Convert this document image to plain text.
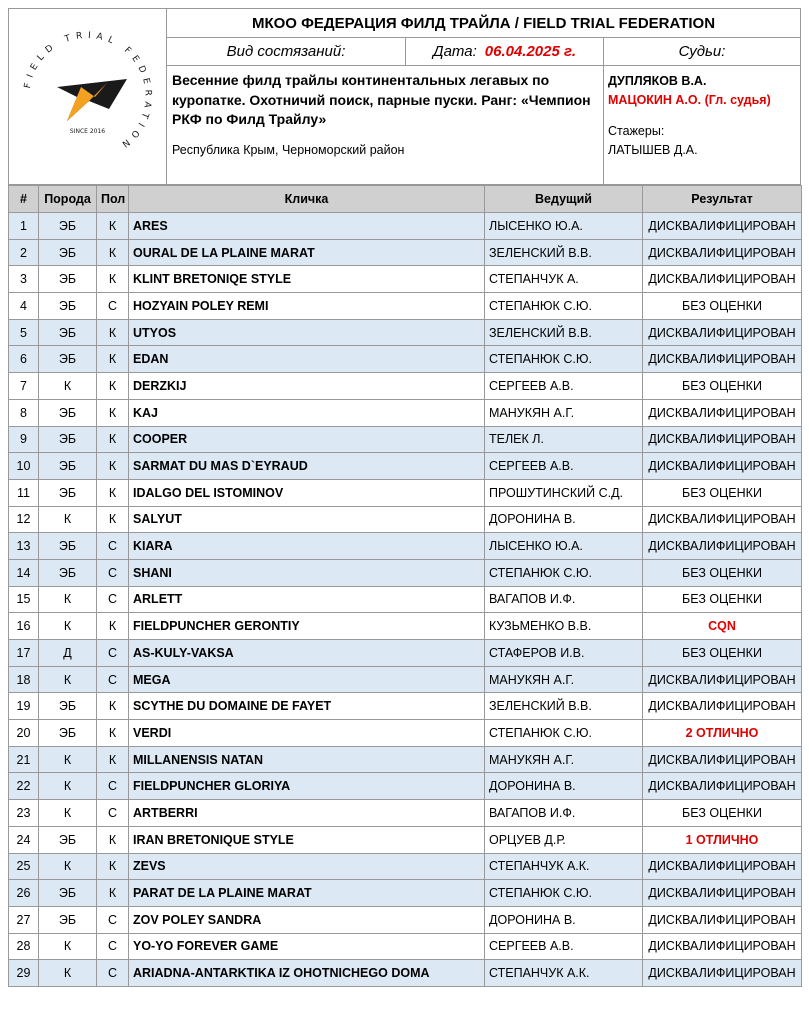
FIELD TRIAL FEDERATION
SINCE 2016
МКОО ФЕДЕРАЦИЯ ФИЛД ТРАЙЛА / FIELD TRIAL FEDERATION
Вид состязаний:	Дата: 06.04.2025 г.	Судьи:
Весенние филд трайлы континентальных легавых по куропатке. Охотничий поиск, парные пуски. Ранг: «Чемпион РКФ по Филд Трайлу»
Республика Крым, Черноморский район
ДУПЛЯКОВ В.А.
МАЦОКИН А.О. (Гл. судья)
Стажеры:
ЛАТЫШЕВ Д.А.
#	Порода	Пол	Кличка	Ведущий	Результат
1	ЭБ	К	ARES	ЛЫСЕНКО Ю.А.	ДИСКВАЛИФИЦИРОВАН
2	ЭБ	К	OURAL DE LA PLAINE MARAT	ЗЕЛЕНСКИЙ В.В.	ДИСКВАЛИФИЦИРОВАН
3	ЭБ	К	KLINT BRETONIQE STYLE	СТЕПАНЧУК А.	ДИСКВАЛИФИЦИРОВАН
4	ЭБ	С	HOZYAIN POLEY REMI	СТЕПАНЮК С.Ю.	БЕЗ ОЦЕНКИ
5	ЭБ	К	UTYOS	ЗЕЛЕНСКИЙ В.В.	ДИСКВАЛИФИЦИРОВАН
6	ЭБ	К	EDAN	СТЕПАНЮК С.Ю.	ДИСКВАЛИФИЦИРОВАН
7	К	К	DERZKIJ	СЕРГЕЕВ А.В.	БЕЗ ОЦЕНКИ
8	ЭБ	К	KAJ	МАНУКЯН А.Г.	ДИСКВАЛИФИЦИРОВАН
9	ЭБ	К	COOPER	ТЕЛЕК Л.	ДИСКВАЛИФИЦИРОВАН
10	ЭБ	К	SARMAT DU MAS D`EYRAUD	СЕРГЕЕВ А.В.	ДИСКВАЛИФИЦИРОВАН
11	ЭБ	К	IDALGO DEL ISTOMINOV	ПРОШУТИНСКИЙ С.Д.	БЕЗ ОЦЕНКИ
12	К	К	SALYUT	ДОРОНИНА В.	ДИСКВАЛИФИЦИРОВАН
13	ЭБ	С	KIARA	ЛЫСЕНКО Ю.А.	ДИСКВАЛИФИЦИРОВАН
14	ЭБ	С	SHANI	СТЕПАНЮК С.Ю.	БЕЗ ОЦЕНКИ
15	К	С	ARLETT	ВАГАПОВ И.Ф.	БЕЗ ОЦЕНКИ
16	К	К	FIELDPUNCHER GERONTIY	КУЗЬМЕНКО В.В.	CQN
17	Д	С	AS-KULY-VAKSA	СТАФЕРОВ И.В.	БЕЗ ОЦЕНКИ
18	К	С	MEGA	МАНУКЯН А.Г.	ДИСКВАЛИФИЦИРОВАН
19	ЭБ	К	SCYTHE DU DOMAINE DE FAYET	ЗЕЛЕНСКИЙ В.В.	ДИСКВАЛИФИЦИРОВАН
20	ЭБ	К	VERDI	СТЕПАНЮК С.Ю.	2 ОТЛИЧНО
21	К	К	MILLANENSIS NATAN	МАНУКЯН А.Г.	ДИСКВАЛИФИЦИРОВАН
22	К	С	FIELDPUNCHER GLORIYA	ДОРОНИНА В.	ДИСКВАЛИФИЦИРОВАН
23	К	С	ARTBERRI	ВАГАПОВ И.Ф.	БЕЗ ОЦЕНКИ
24	ЭБ	К	IRAN BRETONIQUE STYLE	ОРЦУЕВ Д.Р.	1 ОТЛИЧНО
25	К	К	ZEVS	СТЕПАНЧУК А.К.	ДИСКВАЛИФИЦИРОВАН
26	ЭБ	К	PARAT DE LA PLAINE MARAT	СТЕПАНЮК С.Ю.	ДИСКВАЛИФИЦИРОВАН
27	ЭБ	С	ZOV POLEY SANDRA	ДОРОНИНА В.	ДИСКВАЛИФИЦИРОВАН
28	К	С	YO-YO FOREVER GAME	СЕРГЕЕВ А.В.	ДИСКВАЛИФИЦИРОВАН
29	К	С	ARIADNA-ANTARKTIKA IZ OHOTNICHEGO DOMA	СТЕПАНЧУК А.К.	ДИСКВАЛИФИЦИРОВАН
